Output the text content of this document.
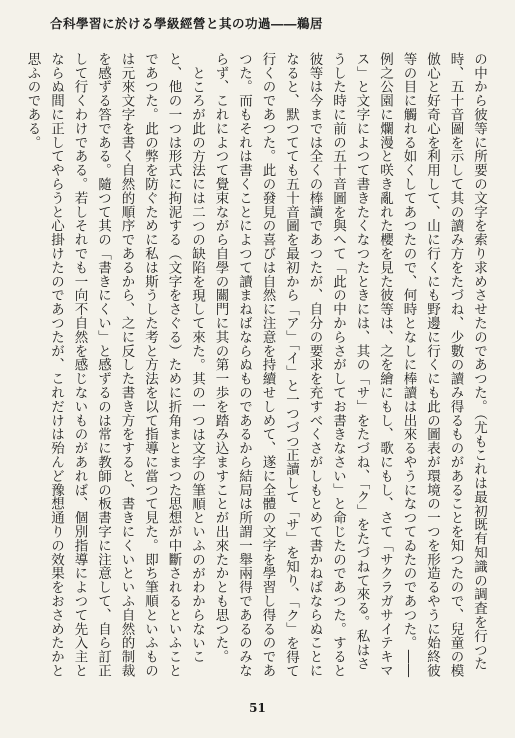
合科學習に於ける學級經營と其の功過――鵜居

の中から彼等に所要の文字を索り求めさせたのであつた。（尤もこれは最初既有知識の調査を行つた時、五十音圖を示して其の讀み方をたづね、少數の讀み得るものがあることを知つたので、兒童の模倣心と好奇心を利用して、山に行くにも野邊に行くにも此の圖表が環境の一つを形造るやうに始終彼等の目に觸れる如くしてあつたので、何時となしに棒讀は出來るやうになつてゐたのであつた。――例之公園に爛漫と咲き亂れた櫻を見た彼等は、之を繪にもし、歌にもし、さて「サクラガサイテキマス」と文字によつて書きたくなつたときには、其の「サ」をたづね、「ク」をたづねて來る。私はさうした時に前の五十音圖を與へて「此の中からさがしてお書きなさい」と命じたのであつた。すると彼等は今までは全くの棒讀であつたが、自分の要求を充すべくさがしもとめて書かねばならぬことになると、默つてても五十音圖を最初から「ア」「イ」と一つづつ正讀して「サ」を知り、「ク」を得て行くのであつた。此の發見の喜びは自然に注意を持續せしめて、遂に全體の文字を學習し得るのであつた。而もそれは書くことによつて讀まねばならぬものであるから結局は所謂一舉兩得であるのみならず、これによつて覺束ながら自學の關門に其の第一歩を踏み込ますことが出來たかとも思つた。

ところが此の方法には二つの缺陷を現して來た。其の一つは文字の筆順といふのがわからないこと、他の一つは形式に拘泥する（文字をさぐる）ために折角まとまつた思想が中斷されるといふことであつた。此の弊を防ぐために私は斯うした考と方法を以て指導に當つて見た。即ち筆順といふものは元來文字を書く自然的順序であるから、之に反した書き方をすると、書きにくいといふ自然的制裁を感ずる答である。隨つて其の「書きにくい」と感ずるのは常に教師の板書字に注意して、自ら訂正して行くわけである。若しそれでも一向不自然を感じないものがあれば、個別指導によつて先入主とならぬ間に正してやらうと心掛けたのであつたが、これだけは殆んど豫想通りの效果をおさめたかと思ふのである。

51
